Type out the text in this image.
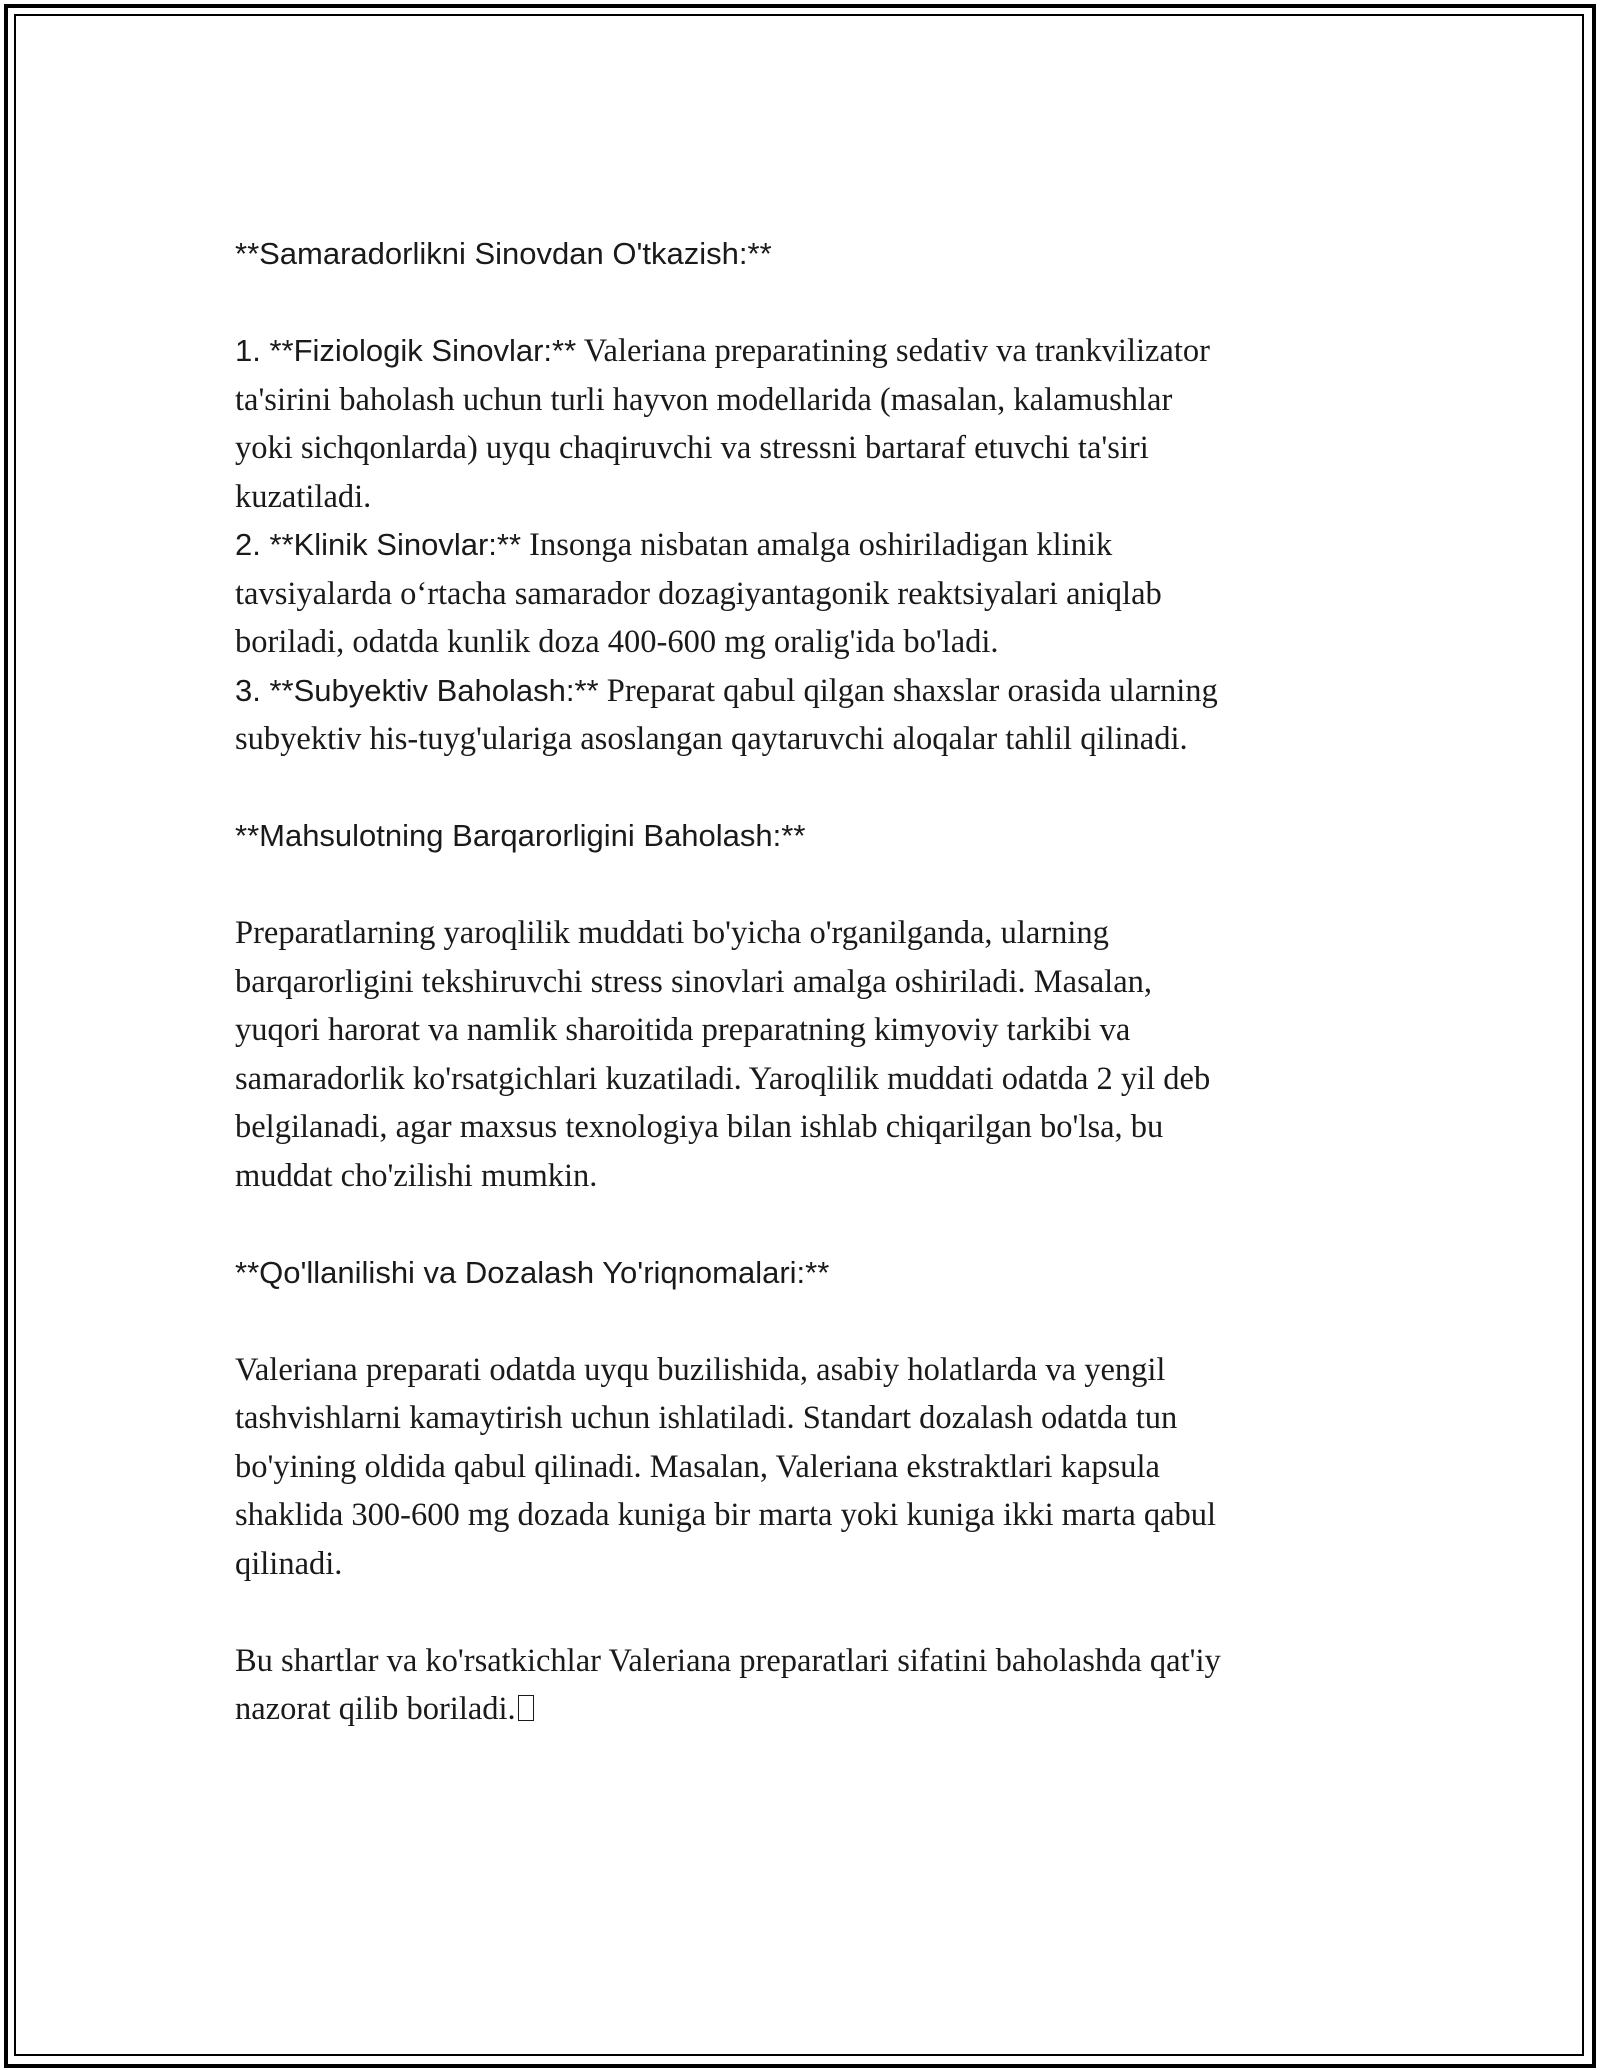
**Samaradorlikni Sinovdan O'tkazish:**
1. **Fiziologik Sinovlar:** Valeriana preparatining sedativ va trankvilizator
ta'sirini baholash uchun turli hayvon modellarida (masalan, kalamushlar
yoki sichqonlarda) uyqu chaqiruvchi va stressni bartaraf etuvchi ta'siri
kuzatiladi.
2. **Klinik Sinovlar:** Insonga nisbatan amalga oshiriladigan klinik
tavsiyalarda o‘rtacha samarador dozagiyantagonik reaktsiyalari aniqlab
boriladi, odatda kunlik doza 400-600 mg oralig'ida bo'ladi.
3. **Subyektiv Baholash:** Preparat qabul qilgan shaxslar orasida ularning
subyektiv his-tuyg'ulariga asoslangan qaytaruvchi aloqalar tahlil qilinadi.
**Mahsulotning Barqarorligini Baholash:**
Preparatlarning yaroqlilik muddati bo'yicha o'rganilganda, ularning
barqarorligini tekshiruvchi stress sinovlari amalga oshiriladi. Masalan,
yuqori harorat va namlik sharoitida preparatning kimyoviy tarkibi va
samaradorlik ko'rsatgichlari kuzatiladi. Yaroqlilik muddati odatda 2 yil deb
belgilanadi, agar maxsus texnologiya bilan ishlab chiqarilgan bo'lsa, bu
muddat cho'zilishi mumkin.
**Qo'llanilishi va Dozalash Yo'riqnomalari:**
Valeriana preparati odatda uyqu buzilishida, asabiy holatlarda va yengil
tashvishlarni kamaytirish uchun ishlatiladi. Standart dozalash odatda tun
bo'yining oldida qabul qilinadi. Masalan, Valeriana ekstraktlari kapsula
shaklida 300-600 mg dozada kuniga bir marta yoki kuniga ikki marta qabul
qilinadi.
Bu shartlar va ko'rsatkichlar Valeriana preparatlari sifatini baholashda qat'iy
nazorat qilib boriladi.
